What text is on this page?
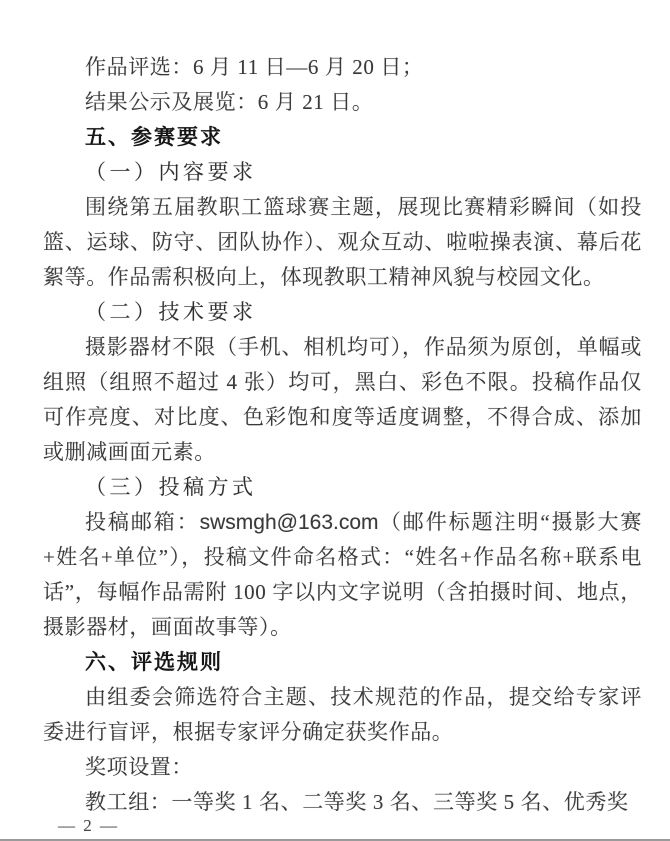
作品评选：6 月 11 日—6 月 20 日；

结果公示及展览：6 月 21 日。

五、参赛要求

（一）内容要求

围绕第五届教职工篮球赛主题，展现比赛精彩瞬间（如投篮、运球、防守、团队协作）、观众互动、啦啦操表演、幕后花絮等。作品需积极向上，体现教职工精神风貌与校园文化。

（二）技术要求

摄影器材不限（手机、相机均可），作品须为原创，单幅或组照（组照不超过 4 张）均可，黑白、彩色不限。投稿作品仅可作亮度、对比度、色彩饱和度等适度调整，不得合成、添加或删减画面元素。

（三）投稿方式

投稿邮箱：swsmgh@163.com（邮件标题注明“摄影大赛+姓名+单位”），投稿文件命名格式：“姓名+作品名称+联系电话”，每幅作品需附 100 字以内文字说明（含拍摄时间、地点，摄影器材，画面故事等）。

六、评选规则

由组委会筛选符合主题、技术规范的作品，提交给专家评委进行盲评，根据专家评分确定获奖作品。

奖项设置：

教工组：一等奖 1 名、二等奖 3 名、三等奖 5 名、优秀奖

— 2 —
